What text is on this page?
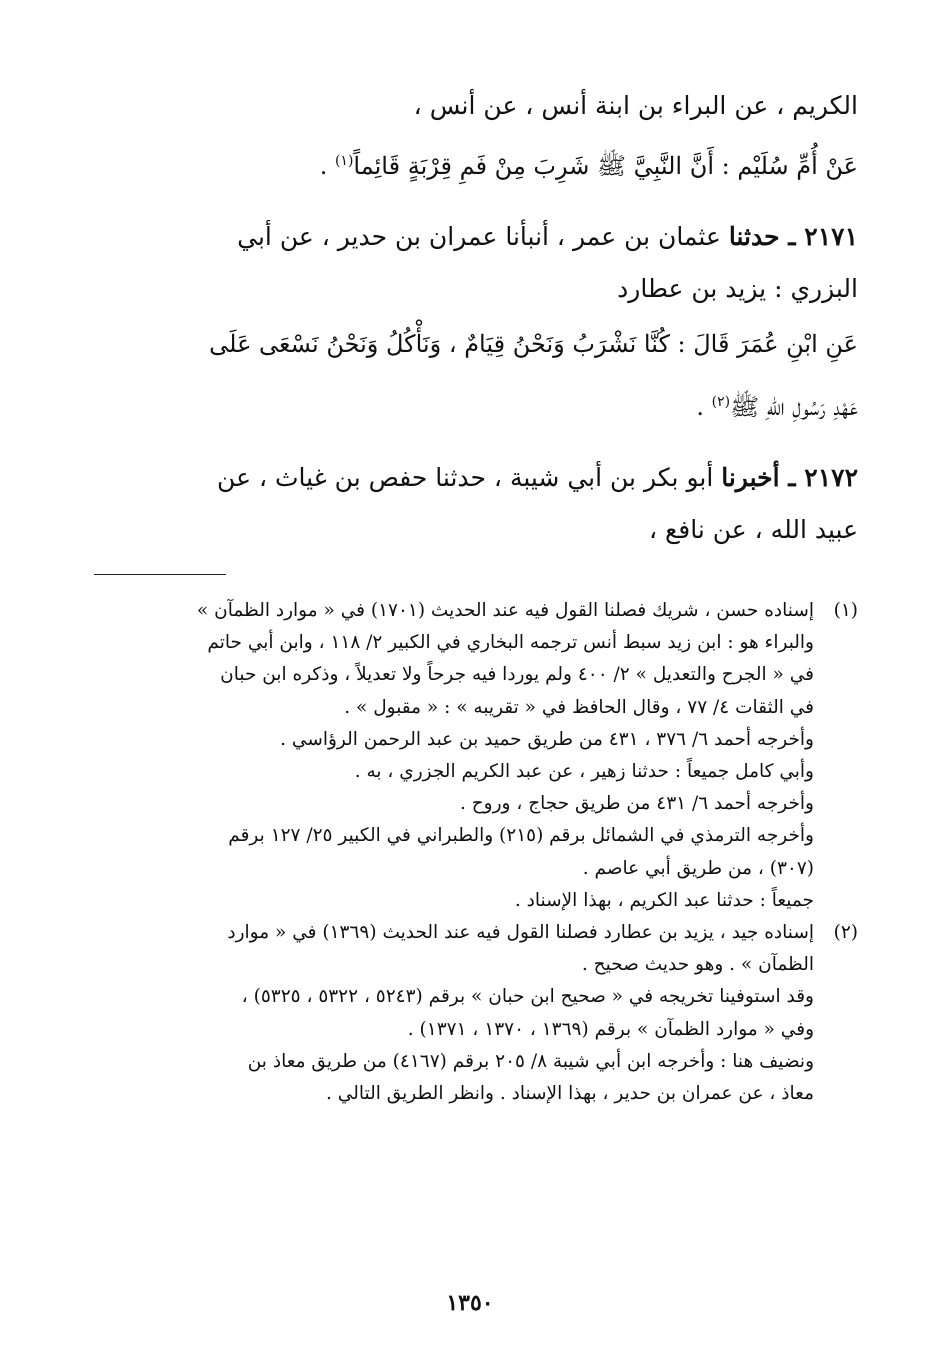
الكريم ، عن البراء بن ابنة أنس ، عن أنس ،
عَنْ أُمِّ سُلَيْم : أَنَّ النَّبِيَّ ﷺ شَرِبَ مِنْ فَمِ قِرْبَةٍ قَائِماً$^{(١)}$ .
٢١٧١ ـ حدثنا عثمان بن عمر ، أنبأنا عمران بن حدير ، عن أبي
البزري : يزيد بن عطارد
عَنِ ابْنِ عُمَرَ قَالَ : كُنَّا نَشْرَبُ وَنَحْنُ قِيَامٌ ، وَنَأْكُلُ وَنَحْنُ نَسْعَى عَلَى
عَهْدِ رَسُولِ اللهِ ﷺ$^{(٢)}$ .
٢١٧٢ ـ أخبرنا أبو بكر بن أبي شيبة ، حدثنا حفص بن غياث ، عن
عبيد الله ، عن نافع ،
(١)
إسناده حسن ، شريك فصلنا القول فيه عند الحديث (١٧٠١) في « موارد الظمآن »
والبراء هو : ابن زيد سبط أنس ترجمه البخاري في الكبير ٢/ ١١٨ ، وابن أبي حاتم
في « الجرح والتعديل » ٢/ ٤٠٠ ولم يوردا فيه جرحاً ولا تعديلاً ، وذكره ابن حبان
في الثقات ٤/ ٧٧ ، وقال الحافظ في « تقريبه » : « مقبول » .
وأخرجه أحمد ٦/ ٣٧٦ ، ٤٣١ من طريق حميد بن عبد الرحمن الرؤاسي .
وأبي كامل جميعاً : حدثنا زهير ، عن عبد الكريم الجزري ، به .
وأخرجه أحمد ٦/ ٤٣١ من طريق حجاج ، وروح .
وأخرجه الترمذي في الشمائل برقم (٢١٥) والطبراني في الكبير ٢٥/ ١٢٧ برقم
(٣٠٧) ، من طريق أبي عاصم .
جميعاً : حدثنا عبد الكريم ، بهذا الإسناد .
(٢)
إسناده جيد ، يزيد بن عطارد فصلنا القول فيه عند الحديث (١٣٦٩) في « موارد
الظمآن » . وهو حديث صحيح .
وقد استوفينا تخريجه في « صحيح ابن حبان » برقم (٥٢٤٣ ، ٥٣٢٢ ، ٥٣٢٥) ،
وفي « موارد الظمآن » برقم (١٣٦٩ ، ١٣٧٠ ، ١٣٧١) .
ونضيف هنا : وأخرجه ابن أبي شيبة ٨/ ٢٠٥ برقم (٤١٦٧) من طريق معاذ بن
معاذ ، عن عمران بن حدير ، بهذا الإسناد . وانظر الطريق التالي .
١٣٥٠
